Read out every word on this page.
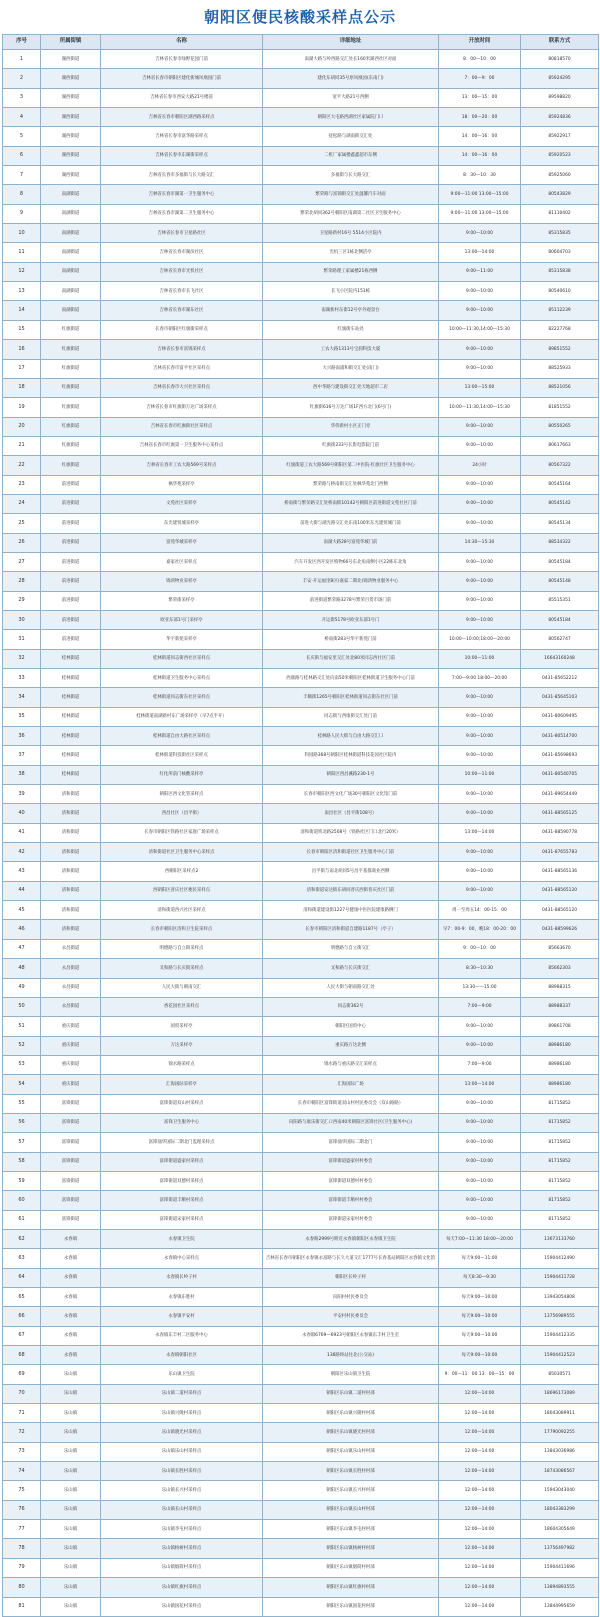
朝阳区便民核酸采样点公示
序号	所属街镇	名称	详细地址	开放时间	联系方式
1	湖西街道	吉林省长春市绿野花园门前	南湖大路与岭西路交汇处长160米湖西社区对面	8：00—10：00	80818570
2	湖西街道	吉林省长春市朝阳区建化新城凤凰园门前	建化东胡同35号原凤凰园(东南门)	7：00—9：00	85924295
3	湖西街道	吉林省长春市西安大路21号楼前	宽平大路21号西侧	13：00—15：00	89598820
4	湖西街道	吉林省长春市朝阳区湖西路采样点	朝阳区大屯路西湖社区家属院门口	18：00—20：00	85924836
5	湖西街道	吉林省长春市富华路采样点	抚松路与湖南街交汇处	14：00—16：00	85922917
6	湖西街道	吉林省长春市东湖街采样点	二机厂家属楼鑫鑫超市东侧	14：00—16：00	85920523
7	湖西街道	吉林省长春市多福街与长大路交汇	多福街与长大路交汇	8：30—10：30	85925060
8	南湖街道	吉林省长春市湖第一卫生服务中心	繁荣路与富锦街交汇处温馨汽车对面	9:00—11:00 13:00—15:00	80543829
9	南湖街道	吉林省长春市湖第二卫生服务中心	繁荣北胡同362号朝阳区南湖第二社区卫生服务中心	9:00—11:00 13:00—15:00	81110402
10	南湖街道	吉林省长春市卫星路社区	卫星路新村16号 5514小区院内	9:00—10:00	85315835
11	南湖街道	吉林省长春市湖滨社区	光机三区1栋北侧活亭	13:00—14:00	80604703
12	南湖街道	吉林省长春市光机社区	繁荣路理工家属楼21栋西侧	9:00—11:00	85315838
13	南湖街道	吉林省长春市长飞社区	长飞小区院内151栋	9:00—10:00	80540610
14	南湖街道	吉林省长春市湖东社区	南湖新村东街12号亭外观景台	9:00—10:00	85112239
15	红旗街道	长春市朝阳区红旗街采样点	红旗街车站处	10:00—11:30,14:00—15:30	82227768
16	红旗街道	吉林省长春市富锦采样点	工农大路1313号宝润科技大厦	9:00—10:00	89851552
17	红旗街道	吉林省长春市富平社区采样点	大兴路南浦和街交汇处(南门)	9:00—10:00	88525933
18	红旗街道	吉林省长春市大兴社区采样点	西中华路与建设街交汇处天地超市二店	13:00—15:00	88521056
19	红旗街道	吉林省长春市红旗街万达广场采样点	红旗街616号万达广场1F西方北门(6号门)	10:00—11:30,14:00—15:30	81851552
20	红旗街道	吉林省长春市红旗街社区采样点	华侨新村小区正门旁	9:00—10:00	80550265
21	红旗街道	吉林省长春市红旗第一卫生服务中心采样点	红旗街233号长影电影院门前	9:00—10:00	80617663
22	红旗街道	吉林省长春市工农大路569号采样点	红旗街道工农大路569号朝阳区第二中医院·红旗社区卫生服务中心	24小时	80567322
23	前进街道	枫华苑采样亭	繁荣路与桥南街交汇处枫华苑北门西侧	9:00—10:00	80545164
24	前进街道	文苑社区采样亭	桥南街与繁荣路交汇处桥南街10142号朝阳区前进街道文苑社区门前	9:00—10:00	80545142
25	前进街道	东光建贸城采样亭	前进大街与湖光路交汇处东南100米东光建贸城门前	9:00—10:00	80545134
26	前进街道	富苑华城采样亭	南湖大路28号富苑华城门前	14:30—15:30	88534322
27	前进街道	嘉家社区采样点	汽车开发区西开发区购物66号东北角南侧小区22栋东北角	9:00—10:00	80545184
28	前进街道	锦鸿物业采样亭	丰安·开运福里B区(嘉家二期北)锦鸿物业服务中心	9:00—10:00	80545148
29	前进街道	繁荣街采样亭	前进街道繁荣路3278号繁荣百货市场门前	9:00—10:00	85515351
30	前进街道	欧亚东部1号门采样亭	开运街5178号欧亚东部1号门	9:00—10:00	80545184
31	前进街道	华宇新苑采样亭	桥南街283号华宇新苑门前	10:00—10:00;18:00—20:00	80562747
32	桂林街道	桂林街道同志街西社区采样点	长庆街与福安里交汇处北80米同志西社区门前	10:00—11:00	16643160248
33	桂林街道	桂林街道卫生服务中心采样点	西康路与桂林路交汇处向南50米朝阳区桂林街道卫生服务中心门前	7:00—9:00 18:00—20:00	0431-85652212
34	桂林街道	桂林街道同志街东社区采样点	丰顺街1265号朝阳区桂林街道同志街东社区门前	9:00—10:00	0431-85645103
35	桂林街道	桂林街道南湖新村东广场采样亭（早7点半开）	同志街与西康街交汇处门前	9:00—10:00	0431-80609495
36	桂林街道	桂林街道自由大路社区采样点	桂林路人民大街与自由大路交汇口	9:00—10:00	0431-80514700
37	桂林街道	桂林街道科技街社区采样点	科园路368号朝阳区桂林街道科技花园社区院内	9:00—10:00	0431-85698693
38	桂林街道	红化所前门核酸采样亭	朝阳区西昌溪路230-1号	10:00—11:00	0431-80540705
39	清和街道	朝阳区西文化管采样点	长春市朝阳区西文化广场30号朝阳区文化馆门前	9:00—10:00	0431-89654449
40	清和街道	西昌社区（昌平街）	南昌社区（昌平街108号）	9:00—10:00	0431-88565125
41	清和街道	长春市朝阳区铁路社区家庭广场采样点	清和街道铁北路2508号（铁路社区门口北行20米）	13:00—14:00	0431-88590778
42	清和街道	清和街道社区卫生服务中心采样点	长春市朝阳区清和街道社区卫生服务中心门前	9:00—10:00	0431-87655783
43	清和街道	西朝阳区采样点2	昌平街与南北胡同5号昌平基都商业西侧	9:00—10:00	0431-88565136
44	清和街道	西朝阳区普庆社区便民采样点	清和街道安达街东胡同普庆西街普庆社区门前	9:00—10:00	0431-88565120
45	清和街道	清和街道西兴社区采样点	清和街道建设街1227号健康中医医院建康路侧门	周一至周五14：00-15：00	0431-88565120
46	清和街道	长春市朝阳区清和卫生院采样点	长春市朝阳区清和街道自建路1187号（亭子）	早7：00-9：00，晚18：00-20：00	0431-88599626
47	永昌街道	明德路与自立街采样点	明德路与自立街交汇	9：00—10：00	85663670
48	永昌街道	叉和路与长庆街采样点	叉和路与长庆街交汇	8:30—10:30	85662303
49	永昌街道	人民大街与朝南交汇	人民大街与朝南路交汇处	13:30——15:00	88988315
50	永昌街道	香花园社区采样点	同志街362号	7:00—9:00	88988337
51	重庆街道	国贸采样亭	朝阳区国贸中心	9:00—10:00	89861708
52	重庆街道	万达采样亭	重庆路万达北侧	9:00—10:00	88986180
53	重庆街道	锦水路采样点	锦水路与重庆路交汇采样点	7:00—9:00	88986180
54	重庆街道	汇海国际采样亭	汇海国际广场	13:00—14:00	88986180
55	富锋街道	富锋街道双山村采样点	长春市朝阳区富锋街道双山村村民委员会（双山路路）	9:00—10:00	81715852
56	富锋街道	富锋卫生服务中心	向阳路与康乐街交汇口西南40米朝阳区富锋社区(卫生服务中心)	9:00—10:00	81715852
57	富锋街道	富锋涌华国际二期北门监理采样点	富锋涌华国际二期北门	9:00—10:00	81715852
58	富锋街道	富锋街道盛家村采样点	富锋街道盛家村村委会	9:00—10:00	81715852
59	富锋街道	富锋街道双德村采样点	富锋街道双德村村委会	9:00—10:00	81715852
60	富锋街道	富锋街道丰顺村采样点	富锋街道丰顺村村委会	9:00—10:00	81715852
61	富锋街道	富锋街道宋家村采样点	富锋街道宋家村村委会	9:00—10:00	81715852
62	永春镇	永春镇卫生院	永春路2999号附近永春镇朝阳区永春镇卫生院	每天7:00—11:30 18:00—20:00	13673133760
63	永春镇	永春镇中心采样点	吉林省长春市朝阳区永春镇永富路与长久大道交汇1777号长春基站朝阳区永春镇文化馆	每天9:00—11:00	15904412490
64	永春镇	永春镇长岭子村	朝阳区长岭子村	每天8:30—9:30	15904411728
65	永春镇	永春镇东胜村	向阳村村民委员会	每天9:00—10:00	13943054808
66	永春镇	永春镇平安村	平安村村民委员会	每天9:00—10:00	13756989555
67	永春镇	永春镇东丰村二区服务中心	永春镇6769—6923号朝阳区永春镇东丰村卫生室	每天9:00—10:00	15904412335
68	永春镇	永春镇朝阳社区	136路终站往北(公交站)	每天9:00—10:00	15904412523
69	乐山镇	乐山镇卫生院	朝阳区乐山镇卫生院	9：00—11：00 13：00—15：00	85030571
70	乐山镇	乐山镇二道村采样点	朝阳区乐山镇二道村村部	12:00—14:00	18696173089
71	乐山镇	乐山镇兴隆村采样点	朝阳区乐山镇兴隆村村部	12:00—14:00	18043089911
72	乐山镇	乐山镇晓光村采样点	朝阳区乐山镇晓光村村部	12:00—14:00	17790092255
73	乐山镇	乐山镇乐山村采样点	朝阳区乐山镇乐山村村部	12:00—14:00	13843036986
74	乐山镇	乐山镇长胜村采样点	朝阳区乐山镇长胜村村部	12:00—14:00	18743086567
75	乐山镇	乐山镇长兴村采样点	朝阳区乐山镇长兴村村部	12:00—14:00	15943043040
76	乐山镇	乐山镇长山村采样点	朝阳区乐山镇长山村村部	12:00—14:00	18043383299
77	乐山镇	乐山镇李屯村采样点	朝阳区乐山镇李屯村村部	12:00—14:00	18604305649
78	乐山镇	乐山镇杨树村采样点	朝阳区乐山镇杨树村村部	12:00—14:00	13756497982
79	乐山镇	乐山镇烟筒村采样点	朝阳区乐山镇烟筒村村部	12:00—14:00	15904411696
80	乐山镇	乐山镇红旗村采样点	朝阳区乐山镇红旗村村部	12:00—14:00	13894893555
81	乐山镇	乐山镇国花村采样点	朝阳区乐山镇国花村村部	12:00—14:00	13844995659
